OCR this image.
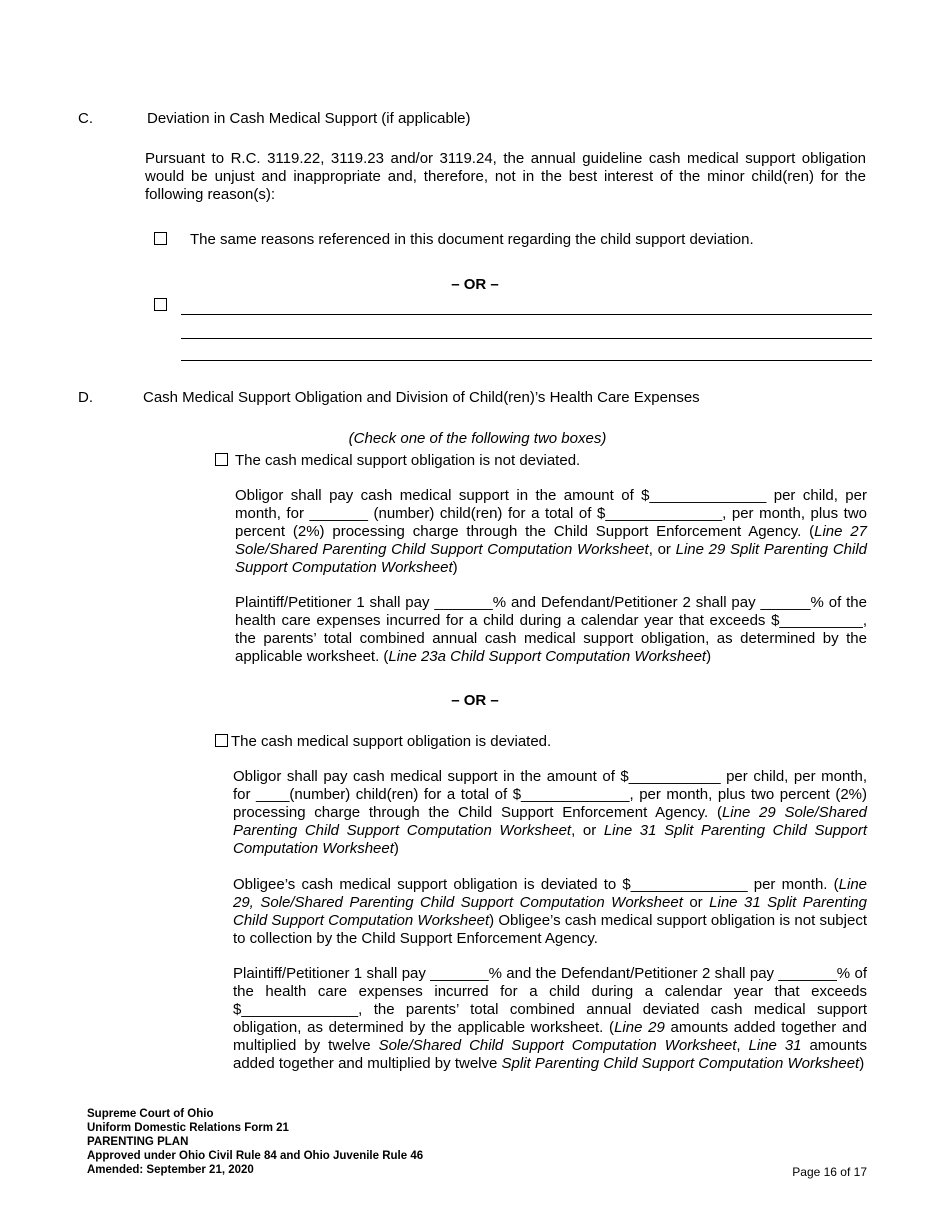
C.	Deviation in Cash Medical Support (if applicable)
Pursuant to R.C. 3119.22, 3119.23 and/or 3119.24, the annual guideline cash medical support obligation would be unjust and inappropriate and, therefore, not in the best interest of the minor child(ren) for the following reason(s):
The same reasons referenced in this document regarding the child support deviation.
– OR –
D.	Cash Medical Support Obligation and Division of Child(ren)’s Health Care Expenses
(Check one of the following two boxes)
The cash medical support obligation is not deviated.
Obligor shall pay cash medical support in the amount of $______________ per child, per month, for _______ (number) child(ren) for a total of $______________, per month, plus two percent (2%) processing charge through the Child Support Enforcement Agency. (Line 27 Sole/Shared Parenting Child Support Computation Worksheet, or Line 29 Split Parenting Child Support Computation Worksheet)
Plaintiff/Petitioner 1 shall pay _______% and Defendant/Petitioner 2 shall pay ______% of the health care expenses incurred for a child during a calendar year that exceeds $__________, the parents’ total combined annual cash medical support obligation, as determined by the applicable worksheet. (Line 23a Child Support Computation Worksheet)
– OR –
The cash medical support obligation is deviated.
Obligor shall pay cash medical support in the amount of $___________ per child, per month, for ____(number) child(ren) for a total of $_____________, per month, plus two percent (2%) processing charge through the Child Support Enforcement Agency. (Line 29 Sole/Shared Parenting Child Support Computation Worksheet, or Line 31 Split Parenting Child Support Computation Worksheet)
Obligee’s cash medical support obligation is deviated to $______________ per month. (Line 29, Sole/Shared Parenting Child Support Computation Worksheet or Line 31 Split Parenting Child Support Computation Worksheet) Obligee’s cash medical support obligation is not subject to collection by the Child Support Enforcement Agency.
Plaintiff/Petitioner 1 shall pay _______% and the Defendant/Petitioner 2 shall pay _______% of the health care expenses incurred for a child during a calendar year that exceeds $______________, the parents’ total combined annual deviated cash medical support obligation, as determined by the applicable worksheet. (Line 29 amounts added together and multiplied by twelve Sole/Shared Child Support Computation Worksheet, Line 31 amounts added together and multiplied by twelve Split Parenting Child Support Computation Worksheet)
Supreme Court of Ohio
Uniform Domestic Relations Form 21
PARENTING PLAN
Approved under Ohio Civil Rule 84 and Ohio Juvenile Rule 46
Amended: September 21, 2020	Page 16 of 17
